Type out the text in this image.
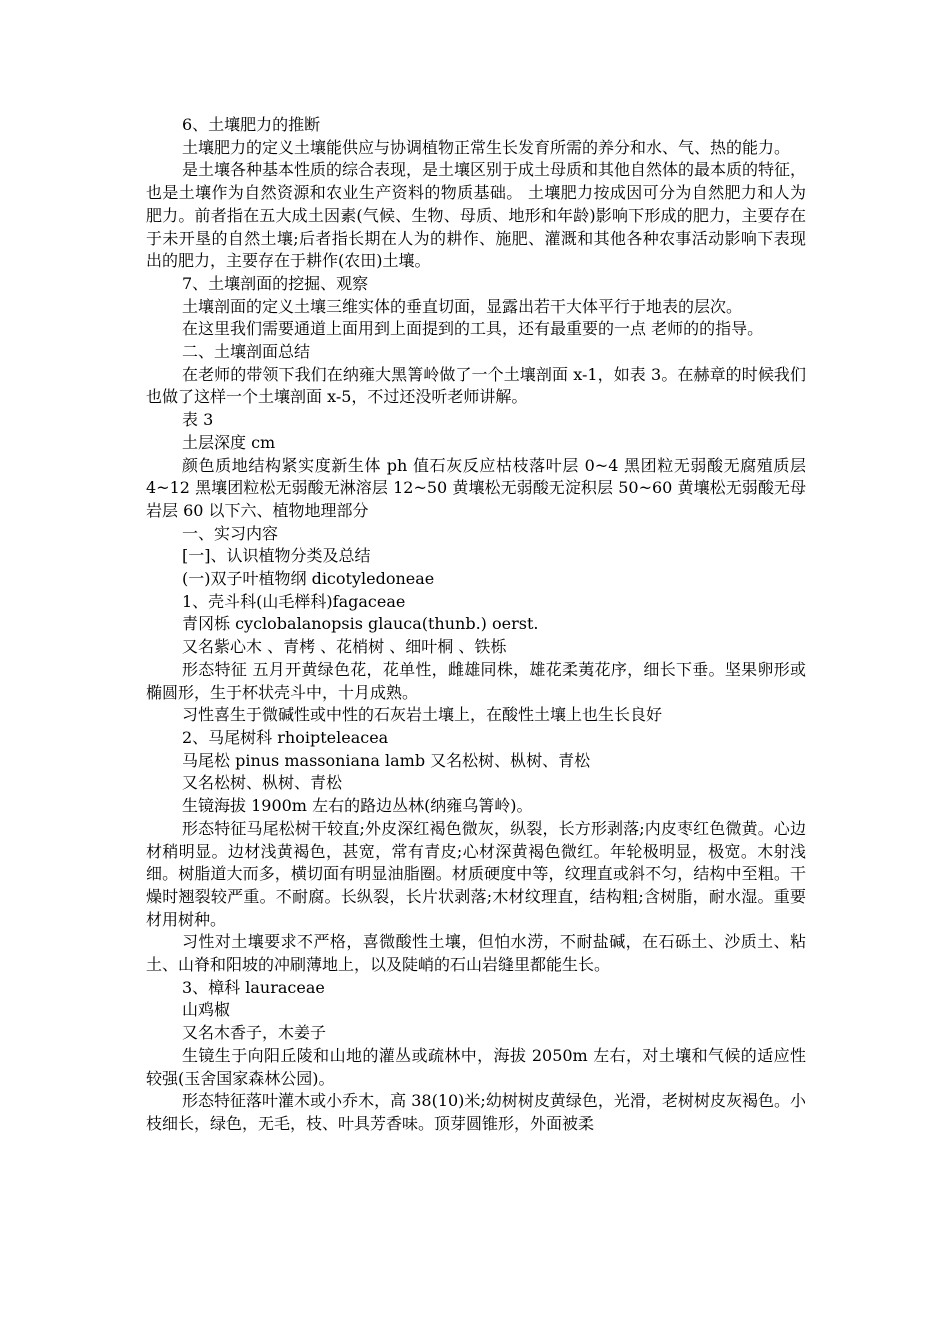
6、土壤肥力的推断

土壤肥力的定义土壤能供应与协调植物正常生长发育所需的养分和水、气、热的能力。

是土壤各种基本性质的综合表现，是土壤区别于成土母质和其他自然体的最本质的特征，也是土壤作为自然资源和农业生产资料的物质基础。 土壤肥力按成因可分为自然肥力和人为肥力。前者指在五大成土因素(气候、生物、母质、地形和年龄)影响下形成的肥力，主要存在于未开垦的自然土壤;后者指长期在人为的耕作、施肥、灌溉和其他各种农事活动影响下表现出的肥力，主要存在于耕作(农田)土壤。

7、土壤剖面的挖掘、观察

土壤剖面的定义土壤三维实体的垂直切面，显露出若干大体平行于地表的层次。

在这里我们需要通道上面用到上面提到的工具，还有最重要的一点 老师的的指导。

二、土壤剖面总结

在老师的带领下我们在纳雍大黑箐岭做了一个土壤剖面 x-1，如表 3。在赫章的时候我们也做了这样一个土壤剖面 x-5，不过还没听老师讲解。

表 3

土层深度 cm

颜色质地结构紧实度新生体 ph 值石灰反应枯枝落叶层 0~4 黑团粒无弱酸无腐殖质层 4~12 黑壤团粒松无弱酸无淋溶层 12~50 黄壤松无弱酸无淀积层 50~60 黄壤松无弱酸无母岩层 60 以下六、植物地理部分

一、实习内容

[一]、认识植物分类及总结

(一)双子叶植物纲 dicotyledoneae

1、壳斗科(山毛榉科)fagaceae

青冈栎 cyclobalanopsis glauca(thunb.) oerst.

又名紫心木 、青栲 、花梢树 、细叶桐 、铁栎

形态特征 五月开黄绿色花，花单性，雌雄同株，雄花柔荑花序，细长下垂。坚果卵形或椭圆形，生于杯状壳斗中，十月成熟。

习性喜生于微碱性或中性的石灰岩土壤上，在酸性土壤上也生长良好

2、马尾树科 rhoipteleacea

马尾松 pinus massoniana lamb 又名松树、枞树、青松

又名松树、枞树、青松

生镜海拔 1900m 左右的路边丛林(纳雍乌箐岭)。

形态特征马尾松树干较直;外皮深红褐色微灰，纵裂，长方形剥落;内皮枣红色微黄。心边材稍明显。边材浅黄褐色，甚宽，常有青皮;心材深黄褐色微红。年轮极明显，极宽。木射浅细。树脂道大而多，横切面有明显油脂圈。材质硬度中等，纹理直或斜不匀，结构中至粗。干燥时翘裂较严重。不耐腐。长纵裂，长片状剥落;木材纹理直，结构粗;含树脂，耐水湿。重要材用树种。

习性对土壤要求不严格，喜微酸性土壤，但怕水涝，不耐盐碱，在石砾土、沙质土、粘土、山脊和阳坡的冲刷薄地上，以及陡峭的石山岩缝里都能生长。

3、樟科 lauraceae

山鸡椒

又名木香子，木姜子

生镜生于向阳丘陵和山地的灌丛或疏林中，海拔 2050m 左右，对土壤和气候的适应性较强(玉舍国家森林公园)。

形态特征落叶灌木或小乔木，高 38(10)米;幼树树皮黄绿色，光滑，老树树皮灰褐色。小枝细长，绿色，无毛，枝、叶具芳香味。顶芽圆锥形，外面被柔
